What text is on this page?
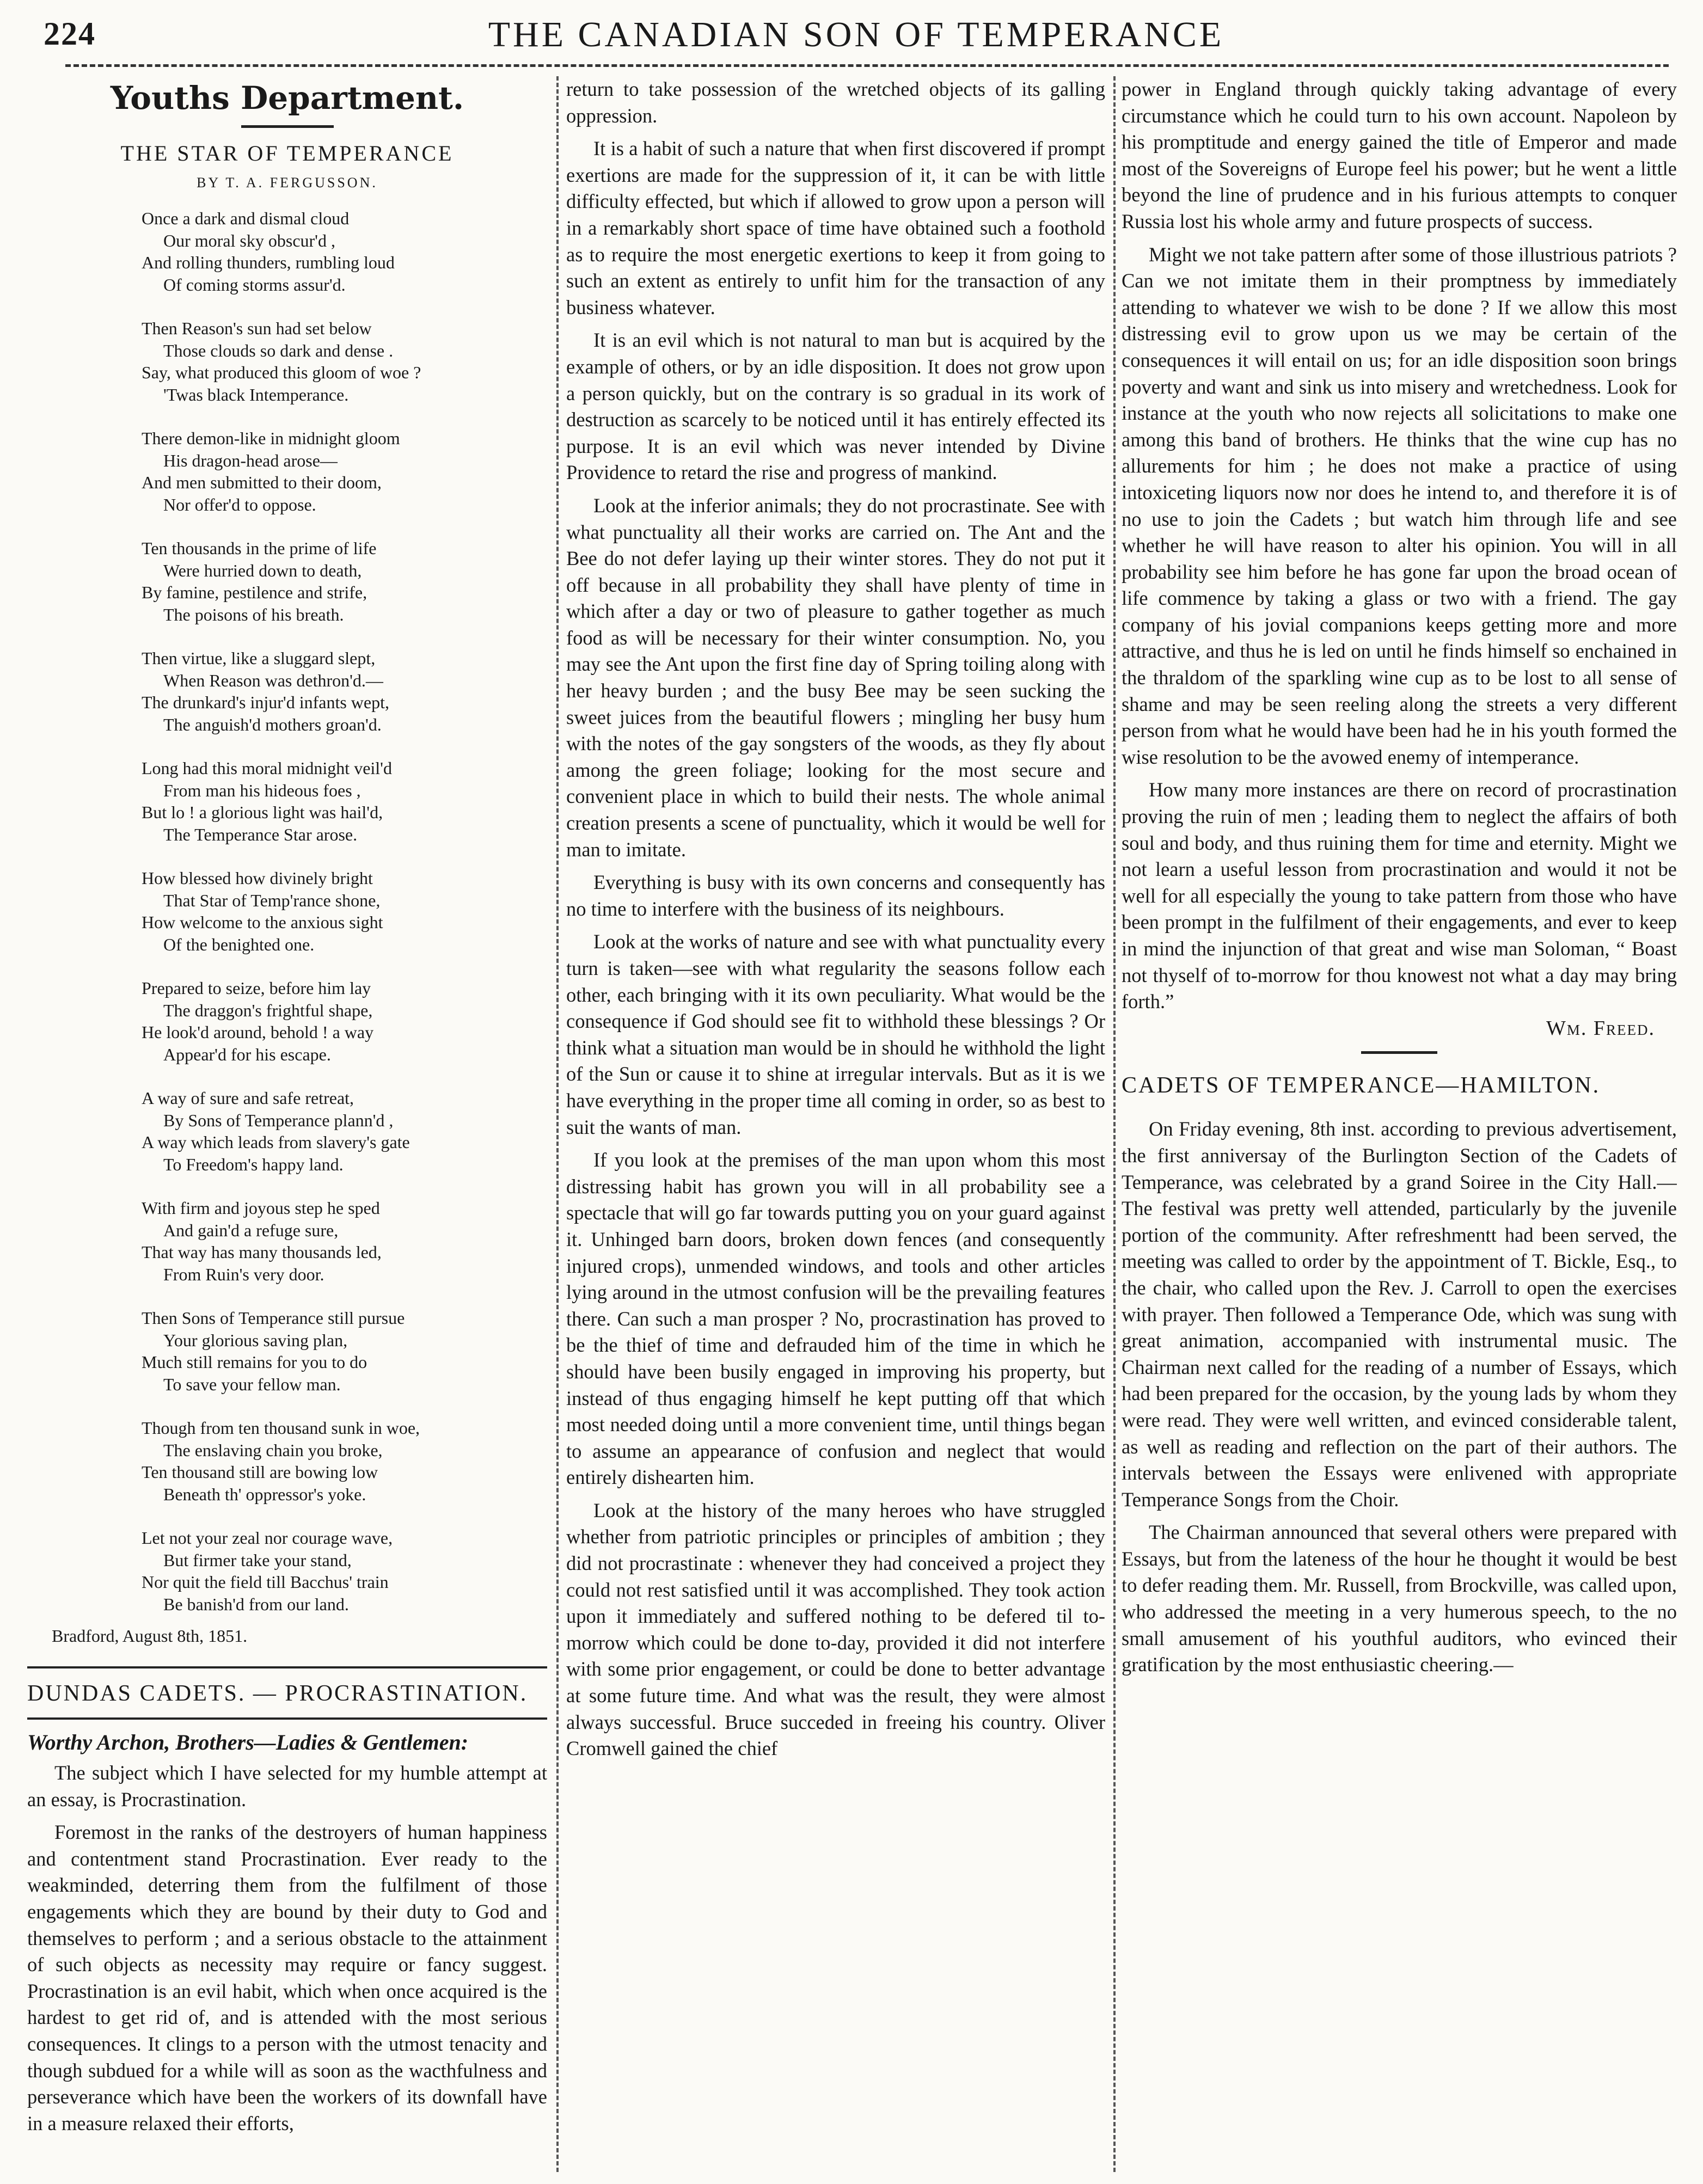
224	THE CANADIAN SON OF TEMPERANCE
Youths Department.
THE STAR OF TEMPERANCE
BY T. A. FERGUSSON.
Once a dark and dismal cloud
Our moral sky obscur'd ,
And rolling thunders, rumbling loud
Of coming storms assur'd.
Then Reason's sun had set below
Those clouds so dark and dense .
Say, what produced this gloom of woe ?
'Twas black Intemperance.
There demon-like in midnight gloom
His dragon-head arose—
And men submitted to their doom,
Nor offer'd to oppose.
Ten thousands in the prime of life
Were hurried down to death,
By famine, pestilence and strife,
The poisons of his breath.
Then virtue, like a sluggard slept,
When Reason was dethron'd.—
The drunkard's injur'd infants wept,
The anguish'd mothers groan'd.
Long had this moral midnight veil'd
From man his hideous foes ,
But lo ! a glorious light was hail'd,
The Temperance Star arose.
How blessed how divinely bright
That Star of Temp'rance shone,
How welcome to the anxious sight
Of the benighted one.
Prepared to seize, before him lay
The draggon's frightful shape,
He look'd around, behold ! a way
Appear'd for his escape.
A way of sure and safe retreat,
By Sons of Temperance plann'd ,
A way which leads from slavery's gate
To Freedom's happy land.
With firm and joyous step he sped
And gain'd a refuge sure,
That way has many thousands led,
From Ruin's very door.
Then Sons of Temperance still pursue
Your glorious saving plan,
Much still remains for you to do
To save your fellow man.
Though from ten thousand sunk in woe,
The enslaving chain you broke,
Ten thousand still are bowing low
Beneath th' oppressor's yoke.
Let not your zeal nor courage wave,
But firmer take your stand,
Nor quit the field till Bacchus' train
Be banish'd from our land.
Bradford, August 8th, 1851.
DUNDAS CADETS. — PROCRASTINATION.
Worthy Archon, Brothers—Ladies & Gentlemen:

The subject which I have selected for my humble attempt at an essay, is Procrastination.

Foremost in the ranks of the destroyers of human happiness and contentment stand Procrastination. Ever ready to the weakminded, deterring them from the fulfilment of those engagements which they are bound by their duty to God and themselves to perform ; and a serious obstacle to the attainment of such objects as necessity may require or fancy suggest. Procrastination is an evil habit, which when once acquired is the hardest to get rid of, and is attended with the most serious consequences. It clings to a person with the utmost tenacity and though subdued for a while will as soon as the wacthfulness and perseverance which have been the workers of its downfall have in a measure relaxed their efforts,

return to take possession of the wretched objects of its galling oppression.

It is a habit of such a nature that when first discovered if prompt exertions are made for the suppression of it, it can be with little difficulty effected, but which if allowed to grow upon a person will in a remarkably short space of time have obtained such a foothold as to require the most energetic exertions to keep it from going to such an extent as entirely to unfit him for the transaction of any business whatever.

It is an evil which is not natural to man but is acquired by the example of others, or by an idle disposition. It does not grow upon a person quickly, but on the contrary is so gradual in its work of destruction as scarcely to be noticed until it has entirely effected its purpose. It is an evil which was never intended by Divine Providence to retard the rise and progress of mankind.

Look at the inferior animals; they do not procrastinate. See with what punctuality all their works are carried on. The Ant and the Bee do not defer laying up their winter stores. They do not put it off because in all probability they shall have plenty of time in which after a day or two of pleasure to gather together as much food as will be necessary for their winter consumption. No, you may see the Ant upon the first fine day of Spring toiling along with her heavy burden ; and the busy Bee may be seen sucking the sweet juices from the beautiful flowers ; mingling her busy hum with the notes of the gay songsters of the woods, as they fly about among the green foliage; looking for the most secure and convenient place in which to build their nests. The whole animal creation presents a scene of punctuality, which it would be well for man to imitate.

Everything is busy with its own concerns and consequently has no time to interfere with the business of its neighbours.

Look at the works of nature and see with what punctuality every turn is taken—see with what regularity the seasons follow each other, each bringing with it its own peculiarity. What would be the consequence if God should see fit to withhold these blessings ? Or think what a situation man would be in should he withhold the light of the Sun or cause it to shine at irregular intervals. But as it is we have everything in the proper time all coming in order, so as best to suit the wants of man.

If you look at the premises of the man upon whom this most distressing habit has grown you will in all probability see a spectacle that will go far towards putting you on your guard against it. Unhinged barn doors, broken down fences (and consequently injured crops), unmended windows, and tools and other articles lying around in the utmost confusion will be the prevailing features there. Can such a man prosper ? No, procrastination has proved to be the thief of time and defrauded him of the time in which he should have been busily engaged in improving his property, but instead of thus engaging himself he kept putting off that which most needed doing until a more convenient time, until things began to assume an appearance of confusion and neglect that would entirely dishearten him.

Look at the history of the many heroes who have struggled whether from patriotic principles or principles of ambition ; they did not procrastinate : whenever they had conceived a project they could not rest satisfied until it was accomplished. They took action upon it immediately and suffered nothing to be defered til to-morrow which could be done to-day, provided it did not interfere with some prior engagement, or could be done to better advantage at some future time. And what was the result, they were almost always successful. Bruce succeded in freeing his country. Oliver Cromwell gained the chief

power in England through quickly taking advantage of every circumstance which he could turn to his own account. Napoleon by his promptitude and energy gained the title of Emperor and made most of the Sovereigns of Europe feel his power; but he went a little beyond the line of prudence and in his furious attempts to conquer Russia lost his whole army and future prospects of success.

Might we not take pattern after some of those illustrious patriots ? Can we not imitate them in their promptness by immediately attending to whatever we wish to be done ? If we allow this most distressing evil to grow upon us we may be certain of the consequences it will entail on us; for an idle disposition soon brings poverty and want and sink us into misery and wretchedness. Look for instance at the youth who now rejects all solicitations to make one among this band of brothers. He thinks that the wine cup has no allurements for him ; he does not make a practice of using intoxiceting liquors now nor does he intend to, and therefore it is of no use to join the Cadets ; but watch him through life and see whether he will have reason to alter his opinion. You will in all probability see him before he has gone far upon the broad ocean of life commence by taking a glass or two with a friend. The gay company of his jovial companions keeps getting more and more attractive, and thus he is led on until he finds himself so enchained in the thraldom of the sparkling wine cup as to be lost to all sense of shame and may be seen reeling along the streets a very different person from what he would have been had he in his youth formed the wise resolution to be the avowed enemy of intemperance.

How many more instances are there on record of procrastination proving the ruin of men ; leading them to neglect the affairs of both soul and body, and thus ruining them for time and eternity. Might we not learn a useful lesson from procrastination and would it not be well for all especially the young to take pattern from those who have been prompt in the fulfilment of their engagements, and ever to keep in mind the injunction of that great and wise man Soloman, “ Boast not thyself of to-morrow for thou knowest not what a day may bring forth.”

Wm. Freed.
CADETS OF TEMPERANCE—HAMILTON.

On Friday evening, 8th inst. according to previous advertisement, the first anniversay of the Burlington Section of the Cadets of Temperance, was celebrated by a grand Soiree in the City Hall.— The festival was pretty well attended, particularly by the juvenile portion of the community. After refreshmentt had been served, the meeting was called to order by the appointment of T. Bickle, Esq., to the chair, who called upon the Rev. J. Carroll to open the exercises with prayer. Then followed a Temperance Ode, which was sung with great animation, accompanied with instrumental music. The Chairman next called for the reading of a number of Essays, which had been prepared for the occasion, by the young lads by whom they were read. They were well written, and evinced considerable talent, as well as reading and reflection on the part of their authors. The intervals between the Essays were enlivened with appropriate Temperance Songs from the Choir.

The Chairman announced that several others were prepared with Essays, but from the lateness of the hour he thought it would be best to defer reading them. Mr. Russell, from Brockville, was called upon, who addressed the meeting in a very humerous speech, to the no small amusement of his youthful auditors, who evinced their gratification by the most enthusiastic cheering.—
